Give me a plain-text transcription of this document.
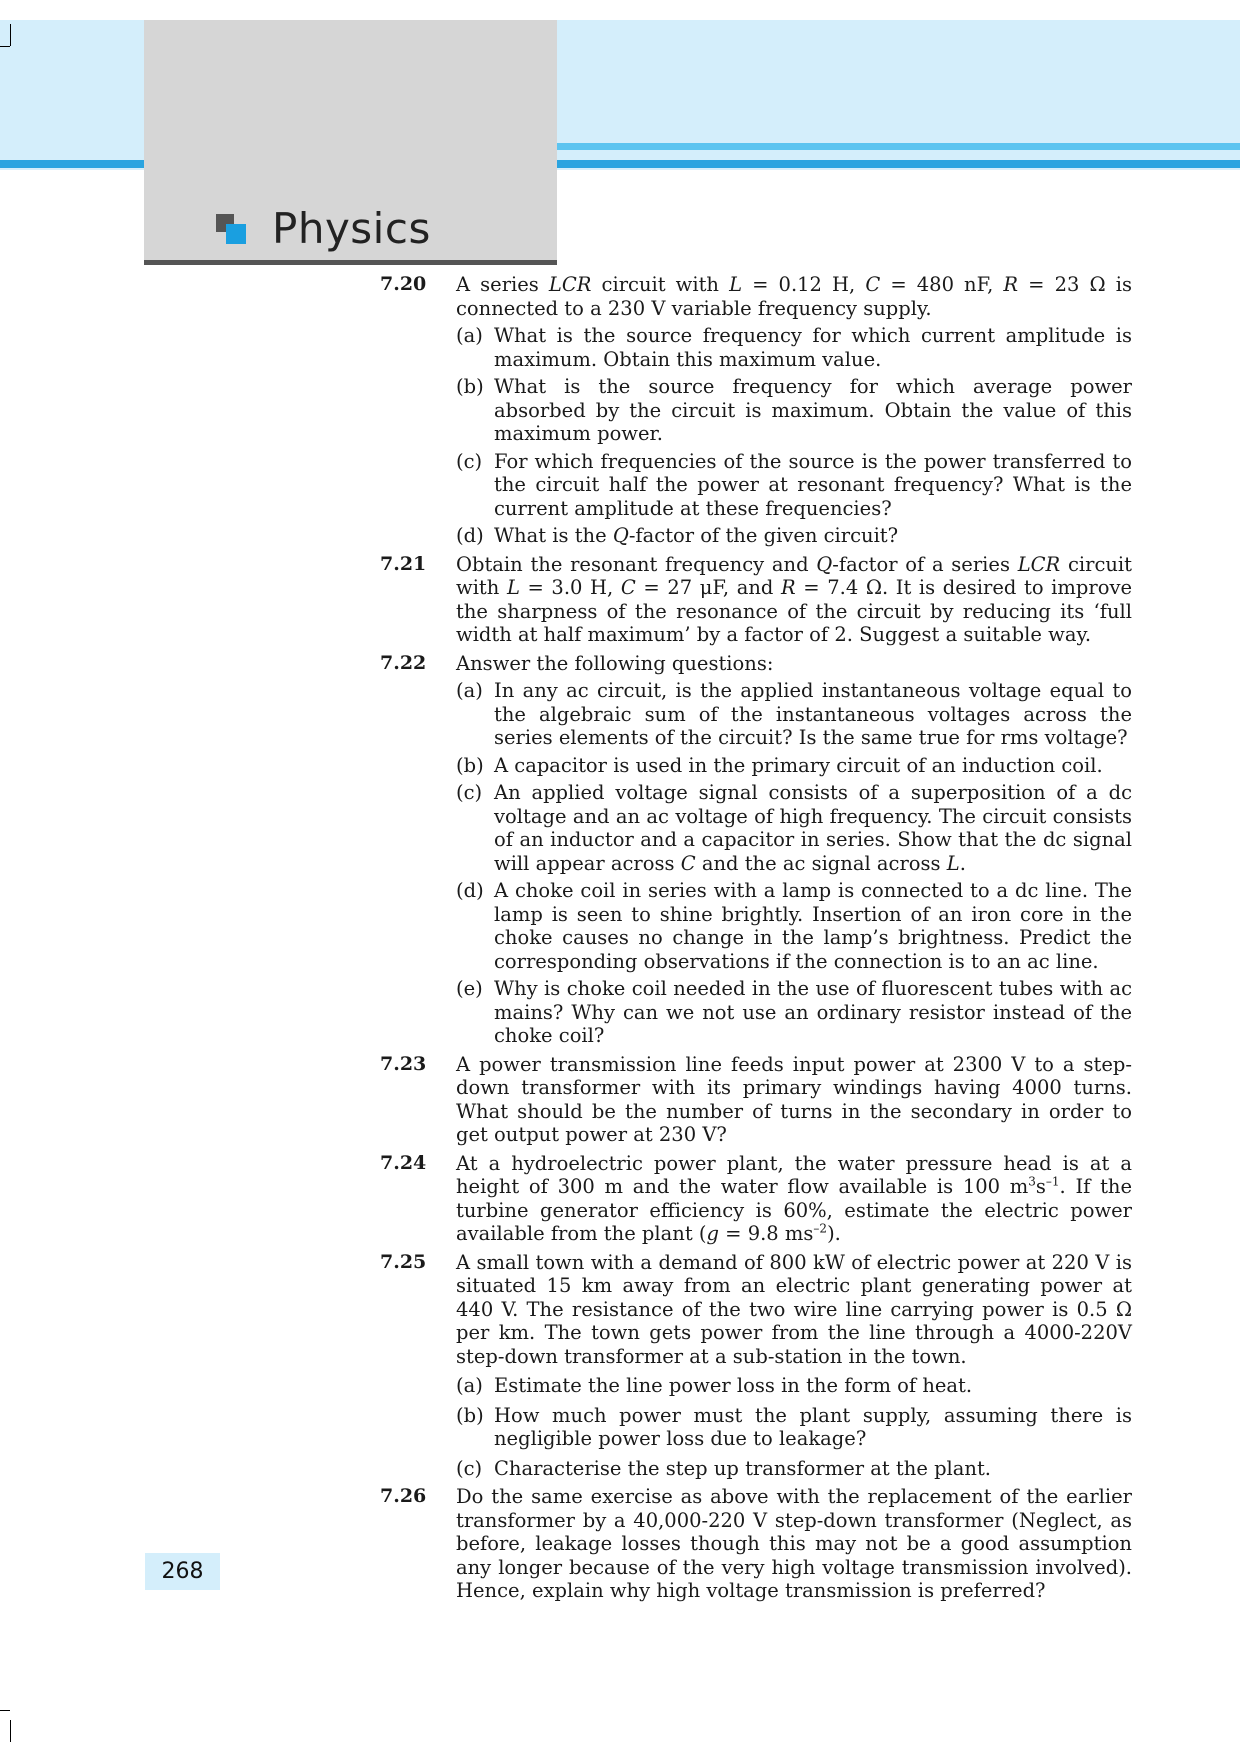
Physics
7.20 A series LCR circuit with L = 0.12 H, C = 480 nF, R = 23 Ω is connected to a 230 V variable frequency supply.
(a) What is the source frequency for which current amplitude is maximum. Obtain this maximum value.
(b) What is the source frequency for which average power absorbed by the circuit is maximum. Obtain the value of this maximum power.
(c) For which frequencies of the source is the power transferred to the circuit half the power at resonant frequency? What is the current amplitude at these frequencies?
(d) What is the Q-factor of the given circuit?
7.21 Obtain the resonant frequency and Q-factor of a series LCR circuit with L = 3.0 H, C = 27 μF, and R = 7.4 Ω. It is desired to improve the sharpness of the resonance of the circuit by reducing its ‘full width at half maximum’ by a factor of 2. Suggest a suitable way.
7.22 Answer the following questions:
(a) In any ac circuit, is the applied instantaneous voltage equal to the algebraic sum of the instantaneous voltages across the series elements of the circuit? Is the same true for rms voltage?
(b) A capacitor is used in the primary circuit of an induction coil.
(c) An applied voltage signal consists of a superposition of a dc voltage and an ac voltage of high frequency. The circuit consists of an inductor and a capacitor in series. Show that the dc signal will appear across C and the ac signal across L.
(d) A choke coil in series with a lamp is connected to a dc line. The lamp is seen to shine brightly. Insertion of an iron core in the choke causes no change in the lamp’s brightness. Predict the corresponding observations if the connection is to an ac line.
(e) Why is choke coil needed in the use of fluorescent tubes with ac mains? Why can we not use an ordinary resistor instead of the choke coil?
7.23 A power transmission line feeds input power at 2300 V to a step-down transformer with its primary windings having 4000 turns. What should be the number of turns in the secondary in order to get output power at 230 V?
7.24 At a hydroelectric power plant, the water pressure head is at a height of 300 m and the water flow available is 100 $m^3s^{-1}$. If the turbine generator efficiency is 60%, estimate the electric power available from the plant (g = 9.8 $ms^{-2}$).
7.25 A small town with a demand of 800 kW of electric power at 220 V is situated 15 km away from an electric plant generating power at 440 V. The resistance of the two wire line carrying power is 0.5 Ω per km. The town gets power from the line through a 4000-220V step-down transformer at a sub-station in the town.
(a) Estimate the line power loss in the form of heat.
(b) How much power must the plant supply, assuming there is negligible power loss due to leakage?
(c) Characterise the step up transformer at the plant.
7.26 Do the same exercise as above with the replacement of the earlier transformer by a 40,000-220 V step-down transformer (Neglect, as before, leakage losses though this may not be a good assumption any longer because of the very high voltage transmission involved). Hence, explain why high voltage transmission is preferred?
268
